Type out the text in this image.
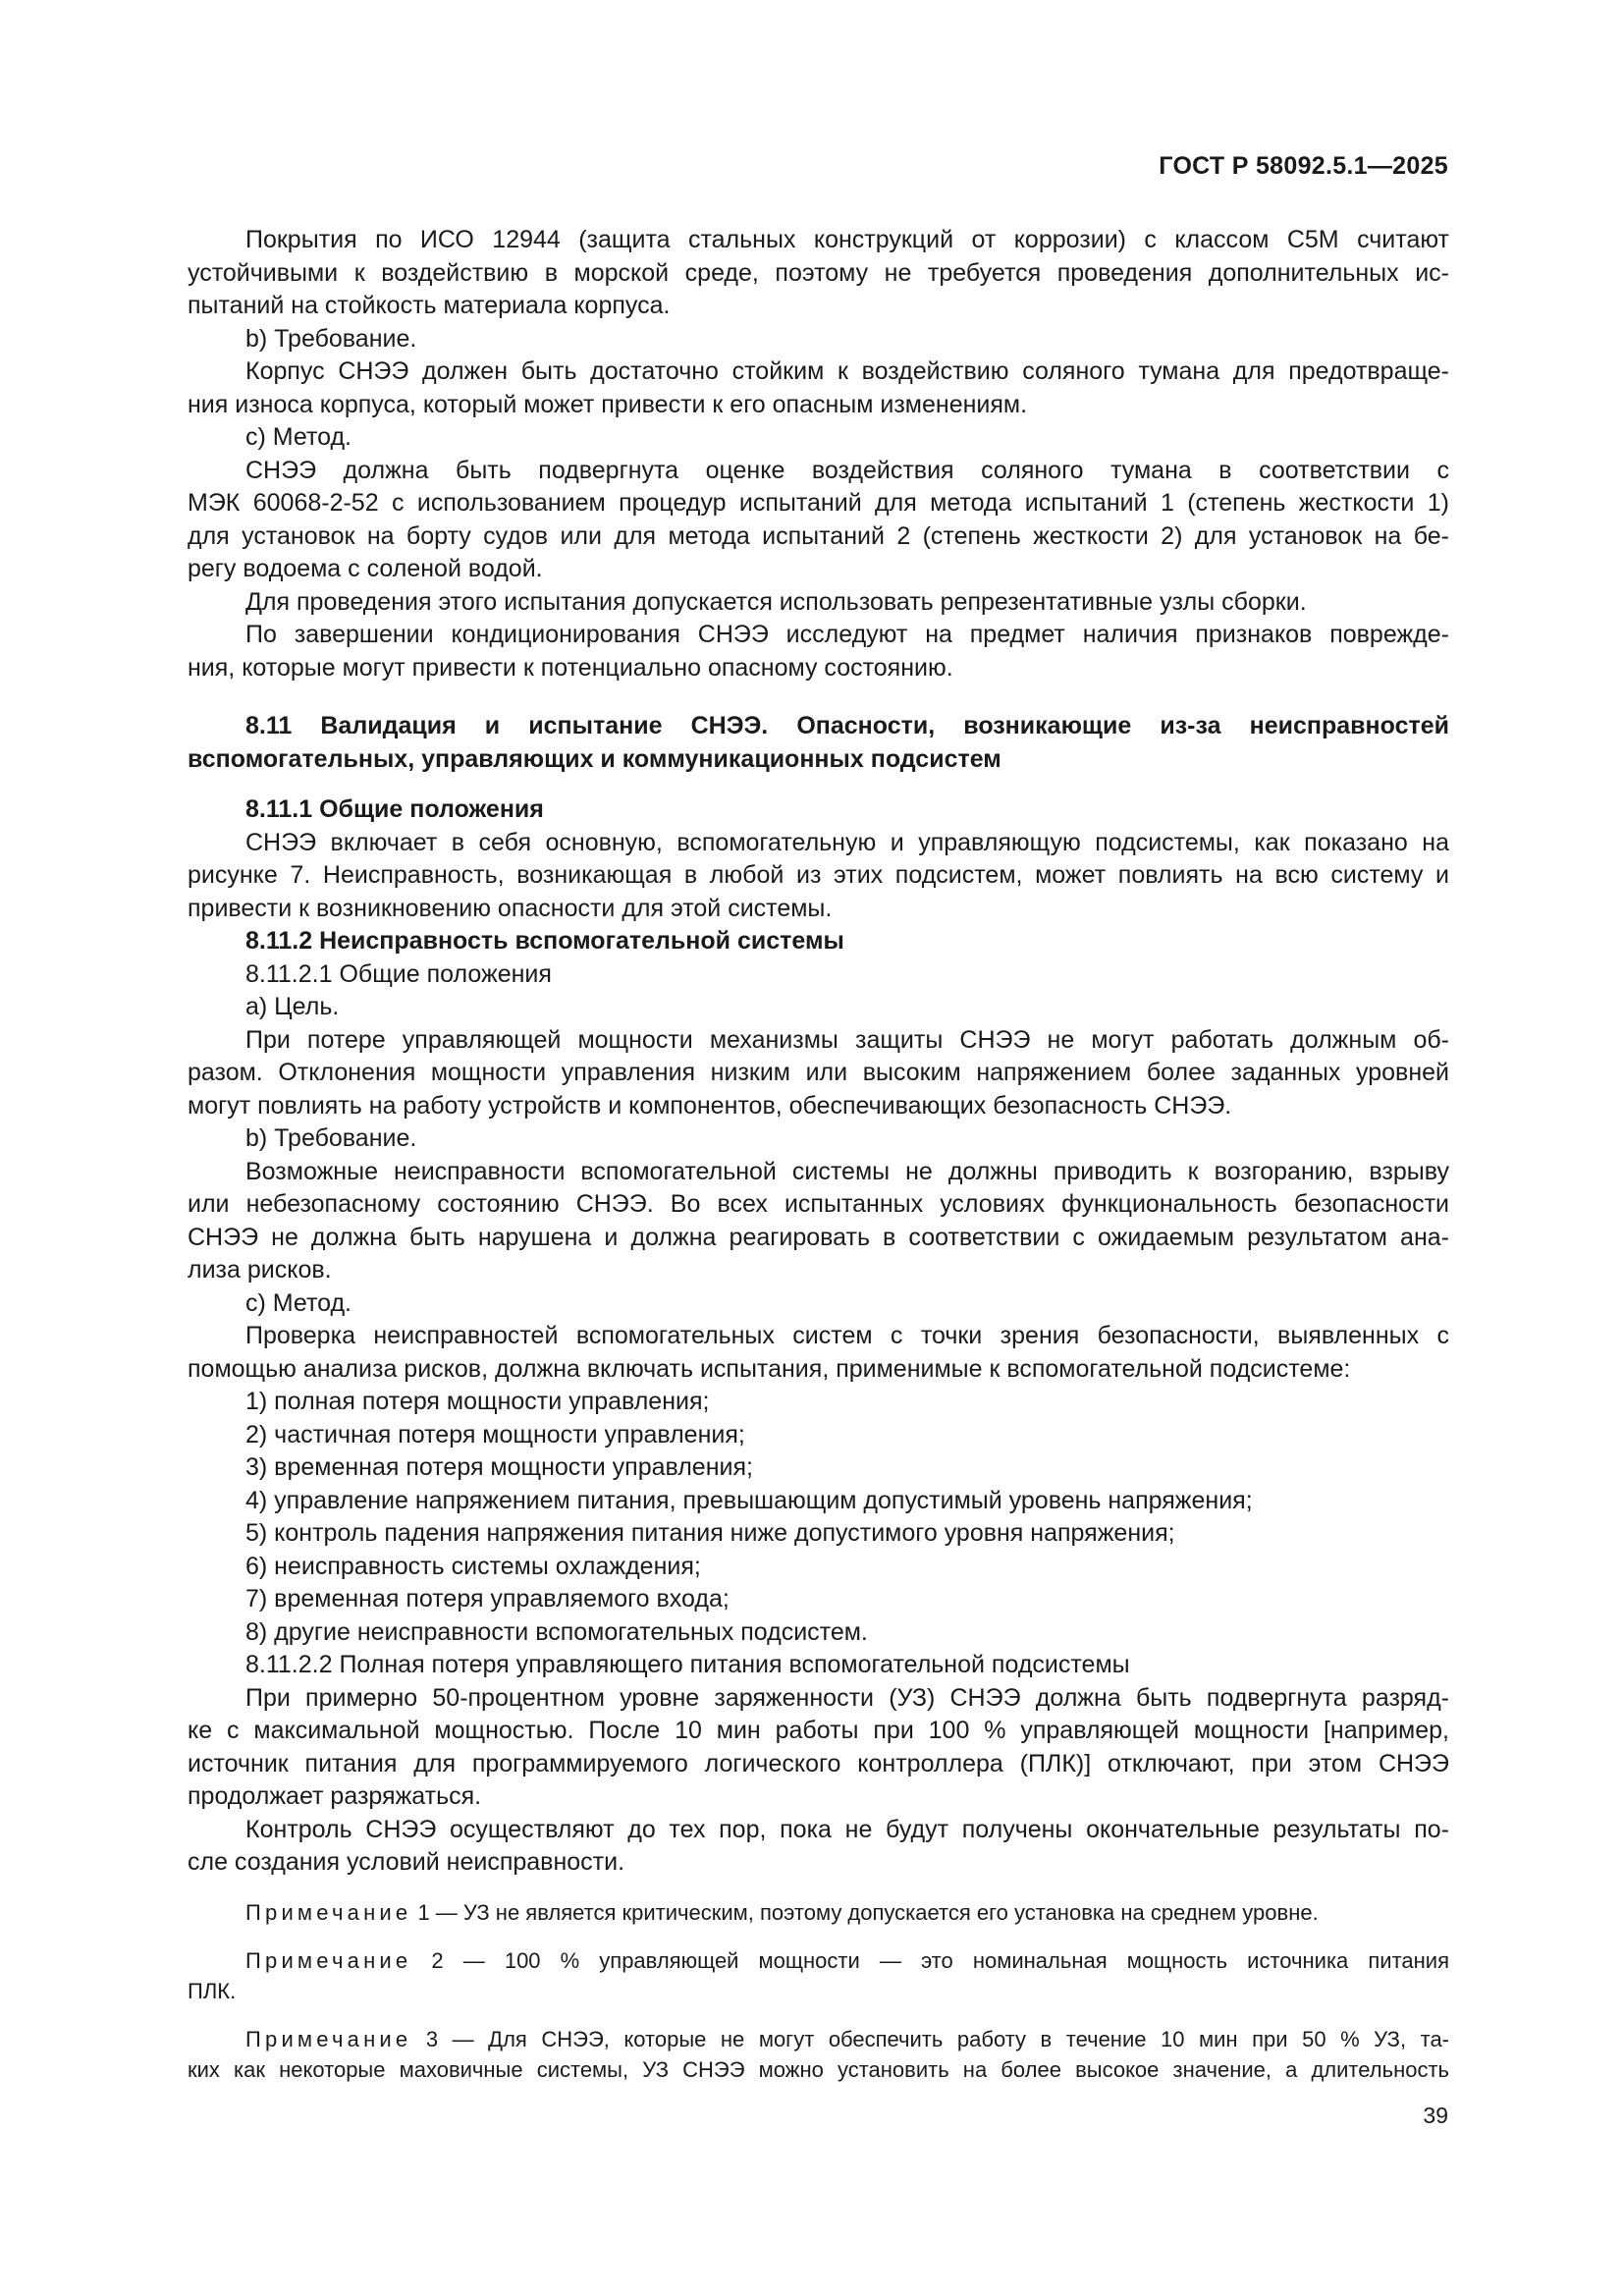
ГОСТ Р 58092.5.1—2025
Покрытия по ИСО 12944 (защита стальных конструкций от коррозии) с классом С5М считают
устойчивыми к воздействию в морской среде, поэтому не требуется проведения дополнительных ис-
пытаний на стойкость материала корпуса.
b) Требование.
Корпус СНЭЭ должен быть достаточно стойким к воздействию соляного тумана для предотвраще-
ния износа корпуса, который может привести к его опасным изменениям.
c) Метод.
СНЭЭ должна быть подвергнута оценке воздействия соляного тумана в соответствии с
МЭК 60068-2-52 с использованием процедур испытаний для метода испытаний 1 (степень жесткости 1)
для установок на борту судов или для метода испытаний 2 (степень жесткости 2) для установок на бе-
регу водоема с соленой водой.
Для проведения этого испытания допускается использовать репрезентативные узлы сборки.
По завершении кондиционирования СНЭЭ исследуют на предмет наличия признаков поврежде-
ния, которые могут привести к потенциально опасному состоянию.
8.11 Валидация и испытание СНЭЭ. Опасности, возникающие из-за неисправностей
вспомогательных, управляющих и коммуникационных подсистем
8.11.1 Общие положения
СНЭЭ включает в себя основную, вспомогательную и управляющую подсистемы, как показано на
рисунке 7. Неисправность, возникающая в любой из этих подсистем, может повлиять на всю систему и
привести к возникновению опасности для этой системы.
8.11.2 Неисправность вспомогательной системы
8.11.2.1 Общие положения
a) Цель.
При потере управляющей мощности механизмы защиты СНЭЭ не могут работать должным об-
разом. Отклонения мощности управления низким или высоким напряжением более заданных уровней
могут повлиять на работу устройств и компонентов, обеспечивающих безопасность СНЭЭ.
b) Требование.
Возможные неисправности вспомогательной системы не должны приводить к возгоранию, взрыву
или небезопасному состоянию СНЭЭ. Во всех испытанных условиях функциональность безопасности
СНЭЭ не должна быть нарушена и должна реагировать в соответствии с ожидаемым результатом ана-
лиза рисков.
c) Метод.
Проверка неисправностей вспомогательных систем с точки зрения безопасности, выявленных с
помощью анализа рисков, должна включать испытания, применимые к вспомогательной подсистеме:
1) полная потеря мощности управления;
2) частичная потеря мощности управления;
3) временная потеря мощности управления;
4) управление напряжением питания, превышающим допустимый уровень напряжения;
5) контроль падения напряжения питания ниже допустимого уровня напряжения;
6) неисправность системы охлаждения;
7) временная потеря управляемого входа;
8) другие неисправности вспомогательных подсистем.
8.11.2.2 Полная потеря управляющего питания вспомогательной подсистемы
При примерно 50-процентном уровне заряженности (УЗ) СНЭЭ должна быть подвергнута разряд-
ке с максимальной мощностью. После 10 мин работы при 100 % управляющей мощности [например,
источник питания для программируемого логического контроллера (ПЛК)] отключают, при этом СНЭЭ
продолжает разряжаться.
Контроль СНЭЭ осуществляют до тех пор, пока не будут получены окончательные результаты по-
сле создания условий неисправности.
Примечание 1 — УЗ не является критическим, поэтому допускается его установка на среднем уровне.
Примечание 2 — 100 % управляющей мощности — это номинальная мощность источника питания
ПЛК.
Примечание 3 — Для СНЭЭ, которые не могут обеспечить работу в течение 10 мин при 50 % УЗ, та-
ких как некоторые маховичные системы, УЗ СНЭЭ можно установить на более высокое значение, а длительность
39
